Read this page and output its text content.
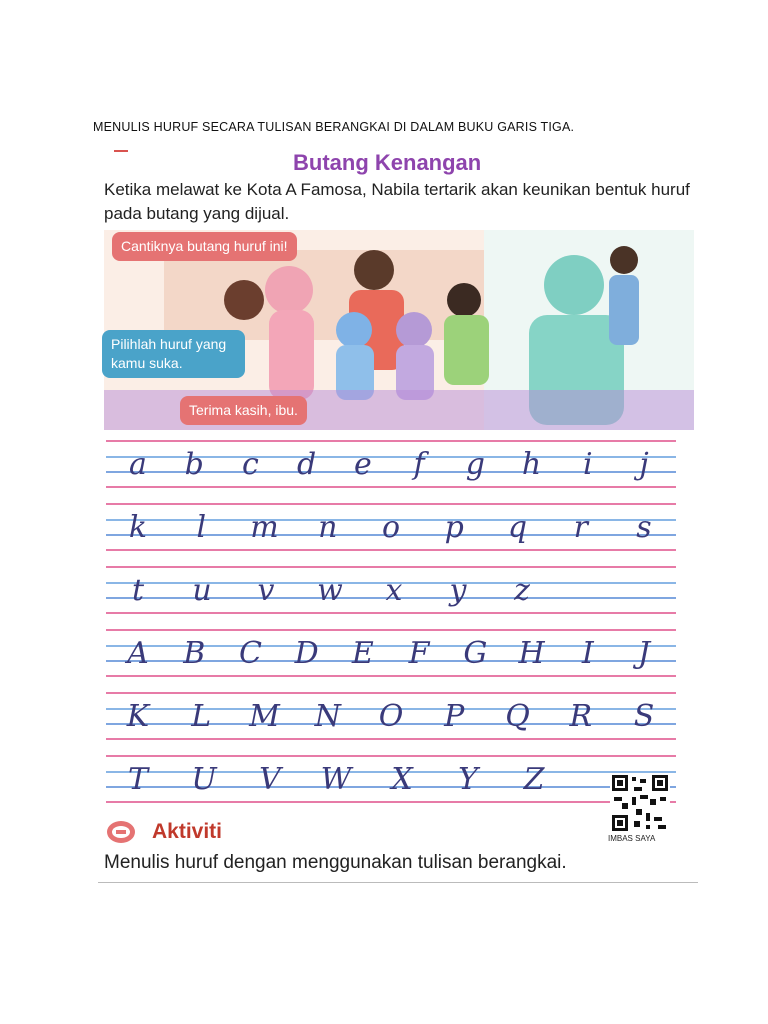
MENULIS HURUF SECARA TULISAN BERANGKAI DI DALAM BUKU GARIS TIGA.
Butang Kenangan
Ketika melawat ke Kota A Famosa, Nabila tertarik akan keunikan bentuk huruf pada butang yang dijual.
Cantiknya butang huruf ini!
Pilihlah huruf yang kamu suka.
Terima kasih, ibu.
a	b	c	d	e	f	g	h	i	j
k	l	m	n	o	p	q	r	s
t	u	v	w	x	y	z
A	B	C	D	E	F	G	H	I	J
K	L	M N	O	P	Q	R	S
T	U	V	W	X	Y	Z
IMBAS SAYA
Aktiviti
Menulis huruf dengan menggunakan tulisan berangkai.
